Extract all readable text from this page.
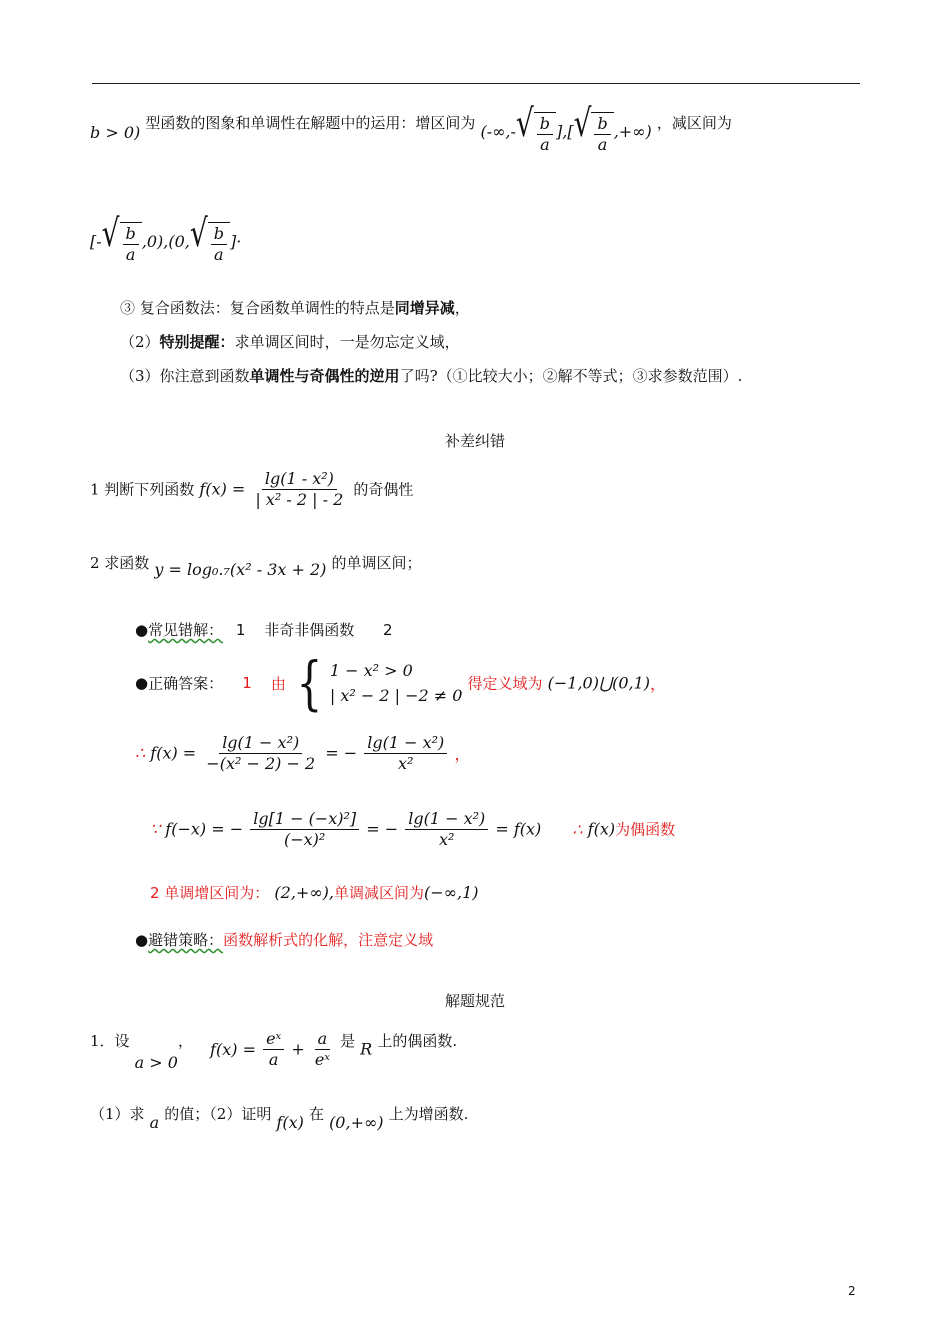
b > 0) 型函数的图象和单调性在解题中的运用：增区间为 (-∞,- √ $\frac{b}{a}$ ],[ √ $\frac{b}{a}$ ,+∞) ，减区间为
[- √ $\frac{b}{a} ,0),(0$, √ $\frac{b}{a}$ ]·
③ 复合函数法：复合函数单调性的特点是同增异减，
（2）特别提醒：求单调区间时，一是勿忘定义域，
（3）你注意到函数单调性与奇偶性的逆用了吗?（①比较大小；②解不等式；③求参数范围）.
补差纠错
1 判断下列函数 $f(x) = \frac{\text{lg(1 - x²)}}{\text{| x² - 2 | - 2}}$ 的奇偶性
2 求函数 y = log₀.₇(x² - 3x + 2) 的单调区间；
●常见错解： 1 非奇非偶函数 2
●正确答案： 1 由 { 1 − x² > 0
| x² − 2 | −2 ≠ 0
得定义域为 (−1,0)⋃(0,1)，
∴ $f(x) = \frac{\text{lg(1 − x²)}}{\text{−(x² − 2) − 2}}$ = − $\frac{\text{lg(1 − x²)}}{\text{x²}}$ ，
∵ f(−x) = − $\frac{\text{lg[1 − (−x)²]}}{\text{(−x)²}}$ = − $\frac{\text{lg(1 − x²)}}{\text{x²}} = f(x)$ ∴ f(x)为偶函数
2 单调增区间为： (2,+∞),单调减区间为(−∞,1)
●避错策略：函数解析式的化解，注意定义域
解题规范
1．设 a > 0， $f(x) = \frac{\text{eˣ}}{a} + \frac{a}{\text{eˣ}}$ 是 R 上的偶函数.
（1）求 a 的值；（2）证明 f(x) 在 (0,+∞) 上为增函数.
2
